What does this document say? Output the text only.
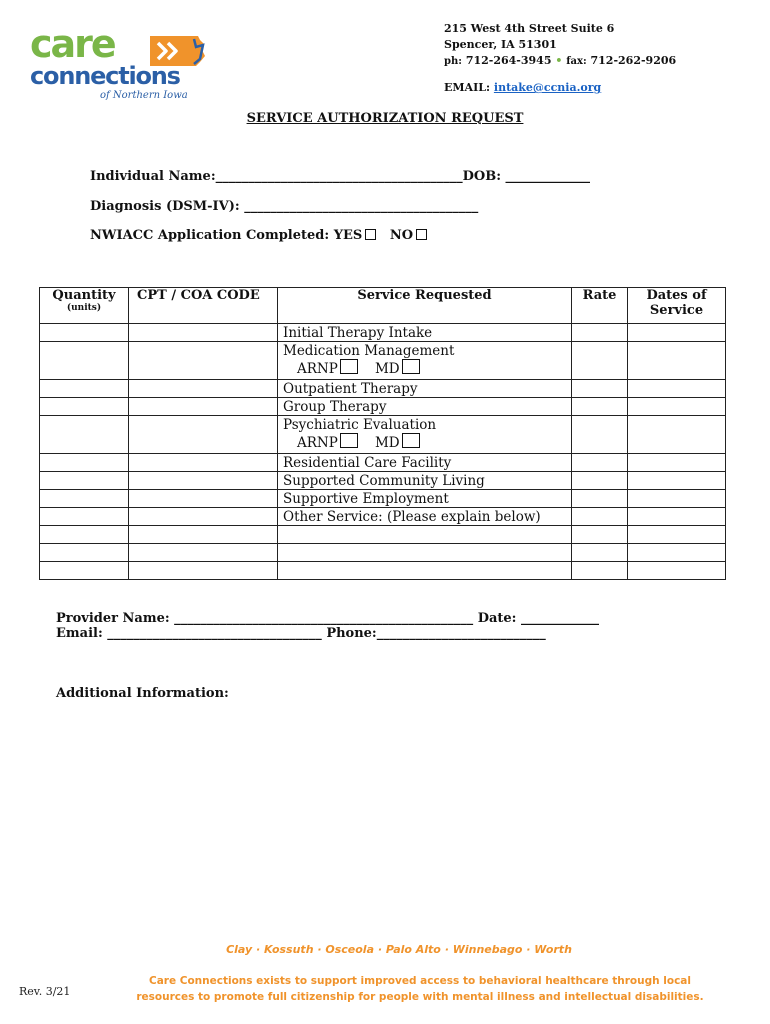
care
connections
of Northern Iowa
215 West 4th Street Suite 6
Spencer, IA 51301
ph: 712-264-3945 • fax: 712-262-9206
EMAIL: intake@ccnia.org
SERVICE AUTHORIZATION REQUEST
Individual Name:______________________________________DOB: _____________
Diagnosis (DSM-IV): ____________________________________
NWIACC Application Completed: YES NO
Quantity
(units)	CPT / COA CODE	Service Requested	Rate	Dates of Service
		Initial Therapy Intake		

		Medication Management
ARNP MD		

		Outpatient Therapy		
		Group Therapy		

		Psychiatric Evaluation
ARNP MD		

		Residential Care Facility		
		Supported Community Living		
		Supportive Employment		
		Other Service: (Please explain below)		

Provider Name: ______________________________________________ Date: ____________
Email: _________________________________ Phone:__________________________
Additional Information:
Clay · Kossuth · Osceola · Palo Alto · Winnebago · Worth
Care Connections exists to support improved access to behavioral healthcare through local
resources to promote full citizenship for people with mental illness and intellectual disabilities.
Rev. 3/21
